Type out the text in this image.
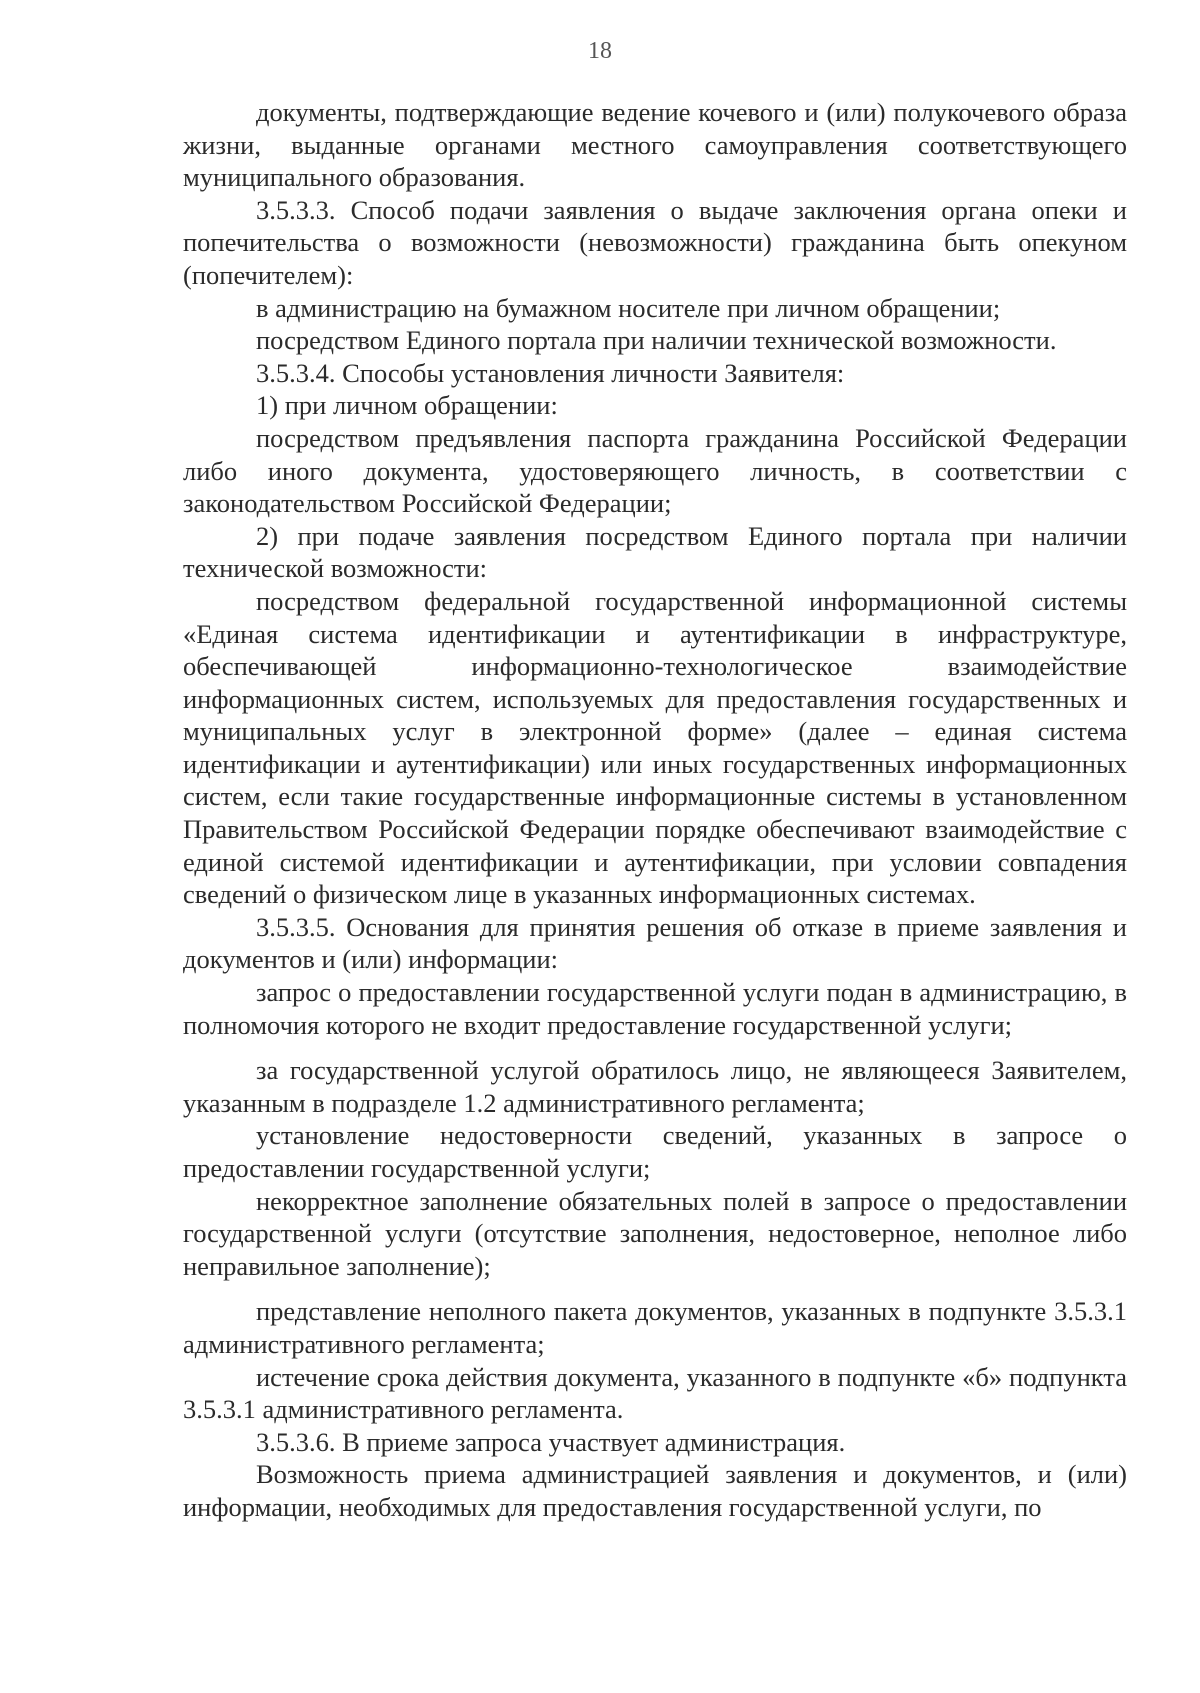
18

документы, подтверждающие ведение кочевого и (или) полукочевого образа жизни, выданные органами местного самоуправления соответствующего муниципального образования.

3.5.3.3. Способ подачи заявления о выдаче заключения органа опеки и попечительства о возможности (невозможности) гражданина быть опекуном (попечителем):

в администрацию на бумажном носителе при личном обращении;

посредством Единого портала при наличии технической возможности.

3.5.3.4. Способы установления личности Заявителя:

1) при личном обращении:

посредством предъявления паспорта гражданина Российской Федерации либо иного документа, удостоверяющего личность, в соответствии с законодательством Российской Федерации;

2) при подаче заявления посредством Единого портала при наличии технической возможности:

посредством федеральной государственной информационной системы «Единая система идентификации и аутентификации в инфраструктуре, обеспечивающей информационно-технологическое взаимодействие информационных систем, используемых для предоставления государственных и муниципальных услуг в электронной форме» (далее – единая система идентификации и аутентификации) или иных государственных информационных систем, если такие государственные информационные системы в установленном Правительством Российской Федерации порядке обеспечивают взаимодействие с единой системой идентификации и аутентификации, при условии совпадения сведений о физическом лице в указанных информационных системах.

3.5.3.5. Основания для принятия решения об отказе в приеме заявления и документов и (или) информации:

запрос о предоставлении государственной услуги подан в администрацию, в полномочия которого не входит предоставление государственной услуги;

за государственной услугой обратилось лицо, не являющееся Заявителем, указанным в подразделе 1.2 административного регламента;

установление недостоверности сведений, указанных в запросе о предоставлении государственной услуги;

некорректное заполнение обязательных полей в запросе о предоставлении государственной услуги (отсутствие заполнения, недостоверное, неполное либо неправильное заполнение);

представление неполного пакета документов, указанных в подпункте 3.5.3.1 административного регламента;

истечение срока действия документа, указанного в подпункте «б» подпункта 3.5.3.1 административного регламента.

3.5.3.6. В приеме запроса участвует администрация.

Возможность приема администрацией заявления и документов, и (или) информации, необходимых для предоставления государственной услуги, по
